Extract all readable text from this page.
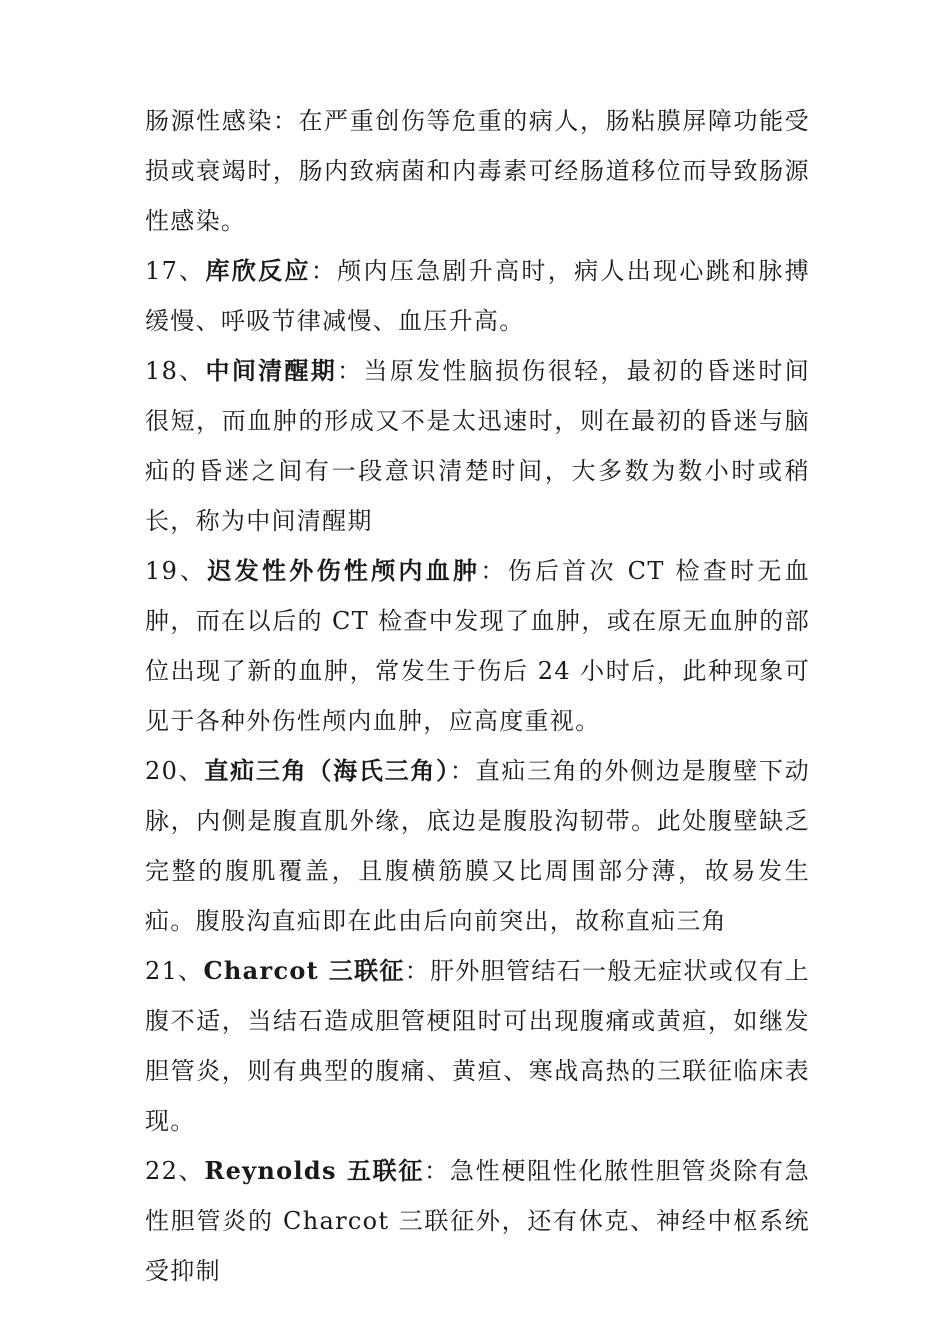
肠源性感染：在严重创伤等危重的病人，肠粘膜屏障功能受损或衰竭时，肠内致病菌和内毒素可经肠道移位而导致肠源性感染。

17、库欣反应：颅内压急剧升高时，病人出现心跳和脉搏缓慢、呼吸节律减慢、血压升高。

18、中间清醒期：当原发性脑损伤很轻，最初的昏迷时间很短，而血肿的形成又不是太迅速时，则在最初的昏迷与脑疝的昏迷之间有一段意识清楚时间，大多数为数小时或稍长，称为中间清醒期

19、迟发性外伤性颅内血肿：伤后首次 CT 检查时无血肿，而在以后的 CT 检查中发现了血肿，或在原无血肿的部位出现了新的血肿，常发生于伤后 24 小时后，此种现象可见于各种外伤性颅内血肿，应高度重视。

20、直疝三角（海氏三角）：直疝三角的外侧边是腹壁下动脉，内侧是腹直肌外缘，底边是腹股沟韧带。此处腹壁缺乏完整的腹肌覆盖，且腹横筋膜又比周围部分薄，故易发生疝。腹股沟直疝即在此由后向前突出，故称直疝三角

21、Charcot 三联征：肝外胆管结石一般无症状或仅有上腹不适，当结石造成胆管梗阻时可出现腹痛或黄疸，如继发胆管炎，则有典型的腹痛、黄疸、寒战高热的三联征临床表现。

22、Reynolds 五联征：急性梗阻性化脓性胆管炎除有急性胆管炎的 Charcot 三联征外，还有休克、神经中枢系统受抑制
